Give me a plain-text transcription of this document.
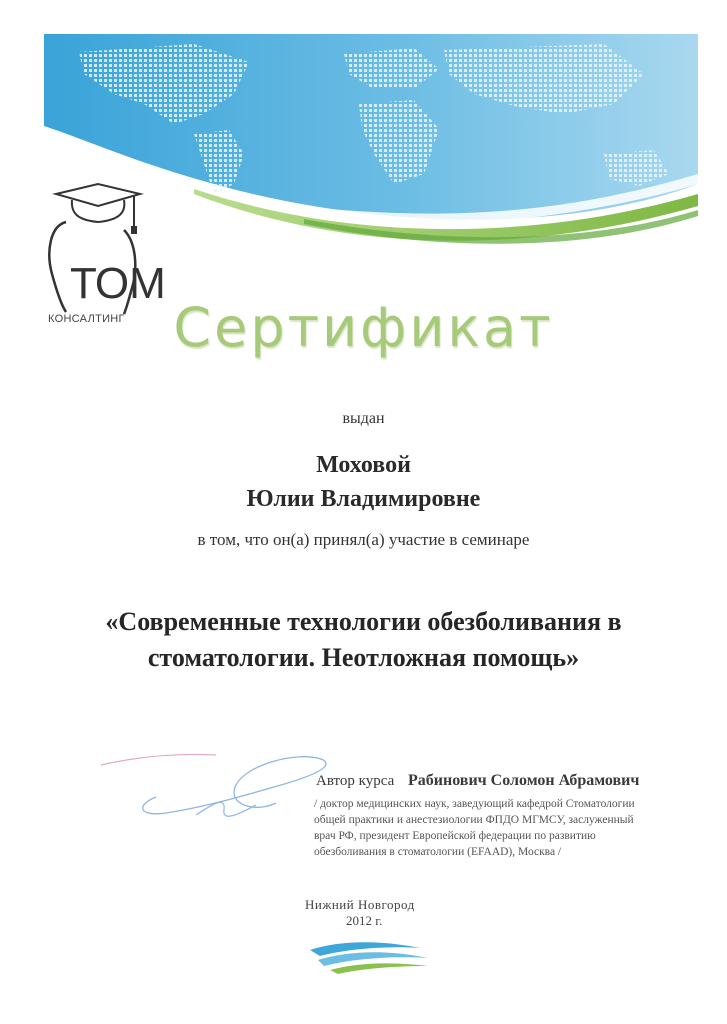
ТОМ
КОНСАЛТИНГ Сертификат
выдан
Моховой
Юлии Владимировне
в том, что он(а) принял(а) участие в семинаре
«Современные технологии обезболивания в
стоматологии. Неотложная помощь»
Автор курса Рабинович Соломон Абрамович
/ доктор медицинских наук, заведующий кафедрой Стоматологии
общей практики и анестезиологии ФПДО МГМСУ, заслуженный
врач РФ, президент Европейской федерации по развитию
обезболивания в стоматологии (EFAAD), Москва /
Нижний Новгород
2012 г.
